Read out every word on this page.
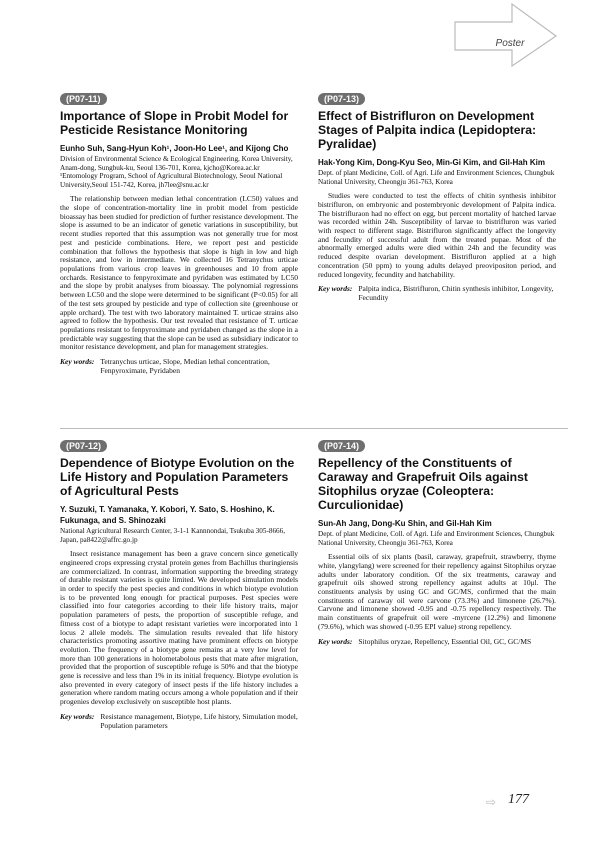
Poster
(P07-11)
Importance of Slope in Probit Model for Pesticide Resistance Monitoring
Eunho Suh, Sang-Hyun Koh¹, Joon-Ho Lee¹, and Kijong Cho
Division of Environmental Science & Ecological Engineering, Korea University, Anam-dong, Sungbuk-ku, Seoul 136-701, Korea, kjcho@Korea.ac.kr ¹Entomology Program, School of Agricultural Biotechnology, Seoul National University,Seoul 151-742, Korea, jh7lee@snu.ac.kr
The relationship between median lethal concentration (LC50) values and the slope of concentration-mortality line in probit model from pesticide bioassay has been studied for prediction of further resistance development. The slope is assumed to be an indicator of genetic variations in susceptibility, but recent studies reported that this assumption was not generally true for most pest and pesticide combinations. Here, we report pest and pesticide combination that follows the hypothesis that slope is high in low and high resistance, and low in intermediate. We collected 16 Tetranychus urticae populations from various crop leaves in greenhouses and 10 from apple orchards. Resistance to fenpyroximate and pyridaben was estimated by LC50 and the slope by probit analyses from bioassay. The polynomial regressions between LC50 and the slope were determined to be significant (P<0.05) for all of the test sets grouped by pesticide and type of collection site (greenhouse or apple orchard). The test with two laboratory maintained T. urticae strains also agreed to follow the hypothesis. Our test revealed that resistance of T. urticae populations resistant to fenpyroximate and pyridaben changed as the slope in a predictable way suggesting that the slope can be used as subsidiary indicator to monitor resistance development, and plan for management strategies.
Key words: Tetranychus urticae, Slope, Median lethal concentration, Fenpyroximate, Pyridaben
(P07-13)
Effect of Bistrifluron on Development Stages of Palpita indica (Lepidoptera: Pyralidae)
Hak-Yong Kim, Dong-Kyu Seo, Min-Gi Kim, and Gil-Hah Kim
Dept. of plant Medicine, Coll. of Agri. Life and Environment Sciences, Chungbuk National University, Cheongju 361-763, Korea
Studies were conducted to test the effects of chitin synthesis inhibitor bistrifluron, on embryonic and postembryonic development of Palpita indica. The bistrifluraon had no effect on egg, but percent mortality of hatched larvae was recorded within 24h. Susceptibility of larvae to bistrifluron was varied with respect to different stage. Bistrifluron significantly affect the longevity and fecundity of successful adult from the treated pupae. Most of the abnormally emerged adults were died within 24h and the fecundity was reduced despite ovarian development. Bistrifluron applied at a high concentration (50 ppm) to young adults delayed preovipositon period, and reduced longevity, fecundity and hatchability.
Key words: Palpita indica, Bistrifluron, Chitin synthesis inhibitor, Longevity, Fecundity
(P07-12)
Dependence of Biotype Evolution on the Life History and Population Parameters of Agricultural Pests
Y. Suzuki, T. Yamanaka, Y. Kobori, Y. Sato, S. Hoshino, K. Fukunaga, and S. Shinozaki
National Agricultural Research Center, 3-1-1 Kannnondai, Tsukuba 305-8666, Japan, pa8422@affrc.go.jp
Insect resistance management has been a grave concern since genetically engineered crops expressing crystal protein genes from Bachillus thuringiensis are commercialized. In contrast, information supporting the breeding strategy of durable resistant varieties is quite limited. We developed simulation models in order to specify the pest species and conditions in which biotype evolution is to be prevented long enough for practical purposes. Pest species were classified into four categories according to their life history traits, major population parameters of pests, the proportion of susceptible refuge, and fitness cost of a biotype to adapt resistant varieties were incorporated into 1 locus 2 allele models. The simulation results revealed that life history characteristics promoting assortive mating have prominent effects on biotype evolution. The frequency of a biotype gene remains at a very low level for more than 100 generations in holometabolous pests that mate after migration, provided that the proportion of susceptible refuge is 50% and that the biotype gene is recessive and less than 1% in its initial frequency. Biotype evolution is also prevented in every category of insect pests if the life history includes a generation where random mating occurs among a whole population and if their progenies develop exclusively on susceptible host plants.
Key words: Resistance management, Biotype, Life history, Simulation model, Population parameters
(P07-14)
Repellency of the Constituents of Caraway and Grapefruit Oils against Sitophilus oryzae (Coleoptera: Curculionidae)
Sun-Ah Jang, Dong-Ku Shin, and Gil-Hah Kim
Dept. of plant Medicine, Coll. of Agri. Life and Environment Sciences, Chungbuk National University, Cheongju 361-763, Korea
Essential oils of six plants (basil, caraway, grapefruit, strawberry, thyme white, ylangylang) were screened for their repellency against Sitophilus oryzae adults under laboratory condition. Of the six treatments, caraway and grapefruit oils showed strong repellency against adults at 10μl. The constituents analysis by using GC and GC/MS, confirmed that the main constituents of caraway oil were carvone (73.3%) and limonene (26.7%). Carvone and limonene showed -0.95 and -0.75 repellency respectively. The main constituents of grapefruit oil were -myrcene (12.2%) and limonene (79.6%), which was showed (-0.95 EPI value) strong repellency.
Key words: Sitophilus oryzae, Repellency, Essential Oil, GC, GC/MS
⇨ 177
